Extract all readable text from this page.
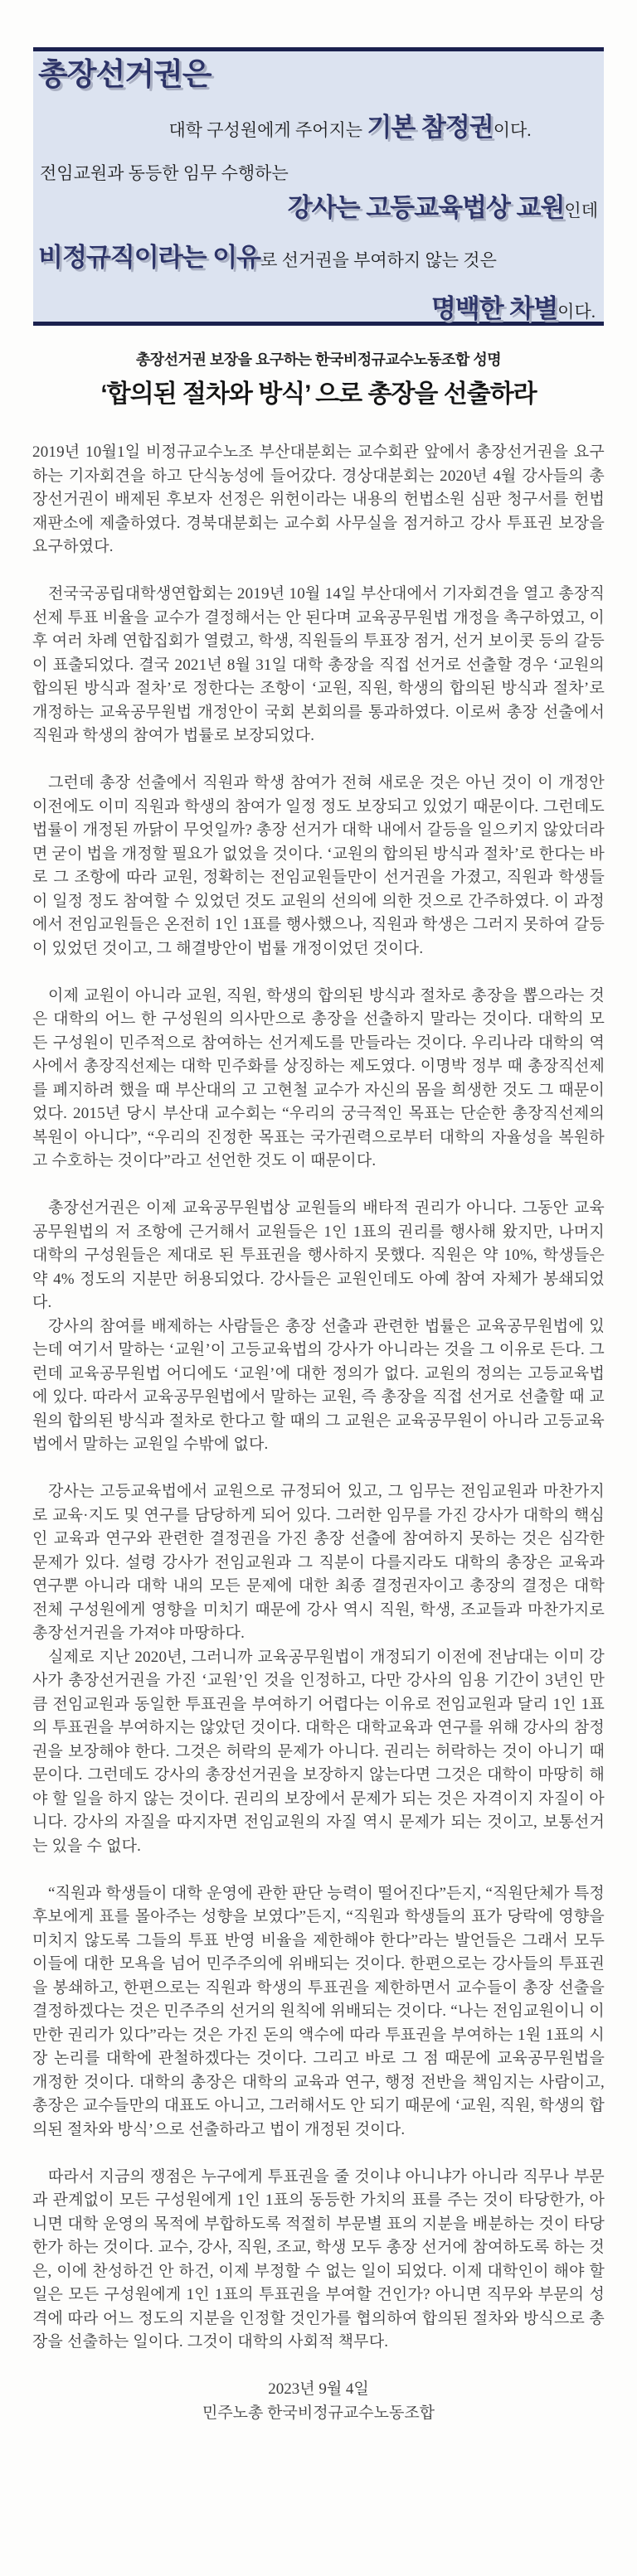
총장선거권은
대학 구성원에게 주어지는 기본 참정권이다.
전임교원과 동등한 임무 수행하는
강사는 고등교육법상 교원인데
비정규직이라는 이유로 선거권을 부여하지 않는 것은
명백한 차별이다.
총장선거권 보장을 요구하는 한국비정규교수노동조합 성명
‘합의된 절차와 방식’ 으로 총장을 선출하라

2019년 10월1일 비정규교수노조 부산대분회는 교수회관 앞에서 총장선거권을 요구하는 기자회견을 하고 단식농성에 들어갔다. 경상대분회는 2020년 4월 강사들의 총장선거권이 배제된 후보자 선정은 위헌이라는 내용의 헌법소원 심판 청구서를 헌법재판소에 제출하였다. 경북대분회는 교수회 사무실을 점거하고 강사 투표권 보장을 요구하였다.

전국국공립대학생연합회는 2019년 10월 14일 부산대에서 기자회견을 열고 총장직선제 투표 비율을 교수가 결정해서는 안 된다며 교육공무원법 개정을 촉구하였고, 이후 여러 차례 연합집회가 열렸고, 학생, 직원들의 투표장 점거, 선거 보이콧 등의 갈등이 표출되었다. 결국 2021년 8월 31일 대학 총장을 직접 선거로 선출할 경우 ‘교원의 합의된 방식과 절차’로 정한다는 조항이 ‘교원, 직원, 학생의 합의된 방식과 절차’로 개정하는 교육공무원법 개정안이 국회 본회의를 통과하였다. 이로써 총장 선출에서 직원과 학생의 참여가 법률로 보장되었다.

그런데 총장 선출에서 직원과 학생 참여가 전혀 새로운 것은 아닌 것이 이 개정안 이전에도 이미 직원과 학생의 참여가 일정 정도 보장되고 있었기 때문이다. 그런데도 법률이 개정된 까닭이 무엇일까? 총장 선거가 대학 내에서 갈등을 일으키지 않았더라면 굳이 법을 개정할 필요가 없었을 것이다. ‘교원의 합의된 방식과 절차’로 한다는 바로 그 조항에 따라 교원, 정확히는 전임교원들만이 선거권을 가졌고, 직원과 학생들이 일정 정도 참여할 수 있었던 것도 교원의 선의에 의한 것으로 간주하였다. 이 과정에서 전임교원들은 온전히 1인 1표를 행사했으나, 직원과 학생은 그러지 못하여 갈등이 있었던 것이고, 그 해결방안이 법률 개정이었던 것이다.

이제 교원이 아니라 교원, 직원, 학생의 합의된 방식과 절차로 총장을 뽑으라는 것은 대학의 어느 한 구성원의 의사만으로 총장을 선출하지 말라는 것이다. 대학의 모든 구성원이 민주적으로 참여하는 선거제도를 만들라는 것이다. 우리나라 대학의 역사에서 총장직선제는 대학 민주화를 상징하는 제도였다. 이명박 정부 때 총장직선제를 폐지하려 했을 때 부산대의 고 고현철 교수가 자신의 몸을 희생한 것도 그 때문이었다. 2015년 당시 부산대 교수회는 “우리의 궁극적인 목표는 단순한 총장직선제의 복원이 아니다”, “우리의 진정한 목표는 국가권력으로부터 대학의 자율성을 복원하고 수호하는 것이다”라고 선언한 것도 이 때문이다.

총장선거권은 이제 교육공무원법상 교원들의 배타적 권리가 아니다. 그동안 교육공무원법의 저 조항에 근거해서 교원들은 1인 1표의 권리를 행사해 왔지만, 나머지 대학의 구성원들은 제대로 된 투표권을 행사하지 못했다. 직원은 약 10%, 학생들은 약 4% 정도의 지분만 허용되었다. 강사들은 교원인데도 아예 참여 자체가 봉쇄되었다.

강사의 참여를 배제하는 사람들은 총장 선출과 관련한 법률은 교육공무원법에 있는데 여기서 말하는 ‘교원’이 고등교육법의 강사가 아니라는 것을 그 이유로 든다. 그런데 교육공무원법 어디에도 ‘교원’에 대한 정의가 없다. 교원의 정의는 고등교육법에 있다. 따라서 교육공무원법에서 말하는 교원, 즉 총장을 직접 선거로 선출할 때 교원의 합의된 방식과 절차로 한다고 할 때의 그 교원은 교육공무원이 아니라 고등교육법에서 말하는 교원일 수밖에 없다.

강사는 고등교육법에서 교원으로 규정되어 있고, 그 임무는 전임교원과 마찬가지로 교육·지도 및 연구를 담당하게 되어 있다. 그러한 임무를 가진 강사가 대학의 핵심인 교육과 연구와 관련한 결정권을 가진 총장 선출에 참여하지 못하는 것은 심각한 문제가 있다. 설령 강사가 전임교원과 그 직분이 다를지라도 대학의 총장은 교육과 연구뿐 아니라 대학 내의 모든 문제에 대한 최종 결정권자이고 총장의 결정은 대학 전체 구성원에게 영향을 미치기 때문에 강사 역시 직원, 학생, 조교들과 마찬가지로 총장선거권을 가져야 마땅하다.

실제로 지난 2020년, 그러니까 교육공무원법이 개정되기 이전에 전남대는 이미 강사가 총장선거권을 가진 ‘교원’인 것을 인정하고, 다만 강사의 임용 기간이 3년인 만큼 전임교원과 동일한 투표권을 부여하기 어렵다는 이유로 전임교원과 달리 1인 1표의 투표권을 부여하지는 않았던 것이다. 대학은 대학교육과 연구를 위해 강사의 참정권을 보장해야 한다. 그것은 허락의 문제가 아니다. 권리는 허락하는 것이 아니기 때문이다. 그런데도 강사의 총장선거권을 보장하지 않는다면 그것은 대학이 마땅히 해야 할 일을 하지 않는 것이다. 권리의 보장에서 문제가 되는 것은 자격이지 자질이 아니다. 강사의 자질을 따지자면 전임교원의 자질 역시 문제가 되는 것이고, 보통선거는 있을 수 없다.

“직원과 학생들이 대학 운영에 관한 판단 능력이 떨어진다”든지, “직원단체가 특정 후보에게 표를 몰아주는 성향을 보였다”든지, “직원과 학생들의 표가 당락에 영향을 미치지 않도록 그들의 투표 반영 비율을 제한해야 한다”라는 발언들은 그래서 모두 이들에 대한 모욕을 넘어 민주주의에 위배되는 것이다. 한편으로는 강사들의 투표권을 봉쇄하고, 한편으로는 직원과 학생의 투표권을 제한하면서 교수들이 총장 선출을 결정하겠다는 것은 민주주의 선거의 원칙에 위배되는 것이다. “나는 전임교원이니 이만한 권리가 있다”라는 것은 가진 돈의 액수에 따라 투표권을 부여하는 1원 1표의 시장 논리를 대학에 관철하겠다는 것이다. 그리고 바로 그 점 때문에 교육공무원법을 개정한 것이다. 대학의 총장은 대학의 교육과 연구, 행정 전반을 책임지는 사람이고, 총장은 교수들만의 대표도 아니고, 그러해서도 안 되기 때문에 ‘교원, 직원, 학생의 합의된 절차와 방식’으로 선출하라고 법이 개정된 것이다.

따라서 지금의 쟁점은 누구에게 투표권을 줄 것이냐 아니냐가 아니라 직무나 부문과 관계없이 모든 구성원에게 1인 1표의 동등한 가치의 표를 주는 것이 타당한가, 아니면 대학 운영의 목적에 부합하도록 적절히 부문별 표의 지분을 배분하는 것이 타당한가 하는 것이다. 교수, 강사, 직원, 조교, 학생 모두 총장 선거에 참여하도록 하는 것은, 이에 찬성하건 안 하건, 이제 부정할 수 없는 일이 되었다. 이제 대학인이 해야 할 일은 모든 구성원에게 1인 1표의 투표권을 부여할 건인가? 아니면 직무와 부문의 성격에 따라 어느 정도의 지분을 인정할 것인가를 협의하여 합의된 절차와 방식으로 총장을 선출하는 일이다. 그것이 대학의 사회적 책무다.

2023년 9월 4일
민주노총 한국비정규교수노동조합
